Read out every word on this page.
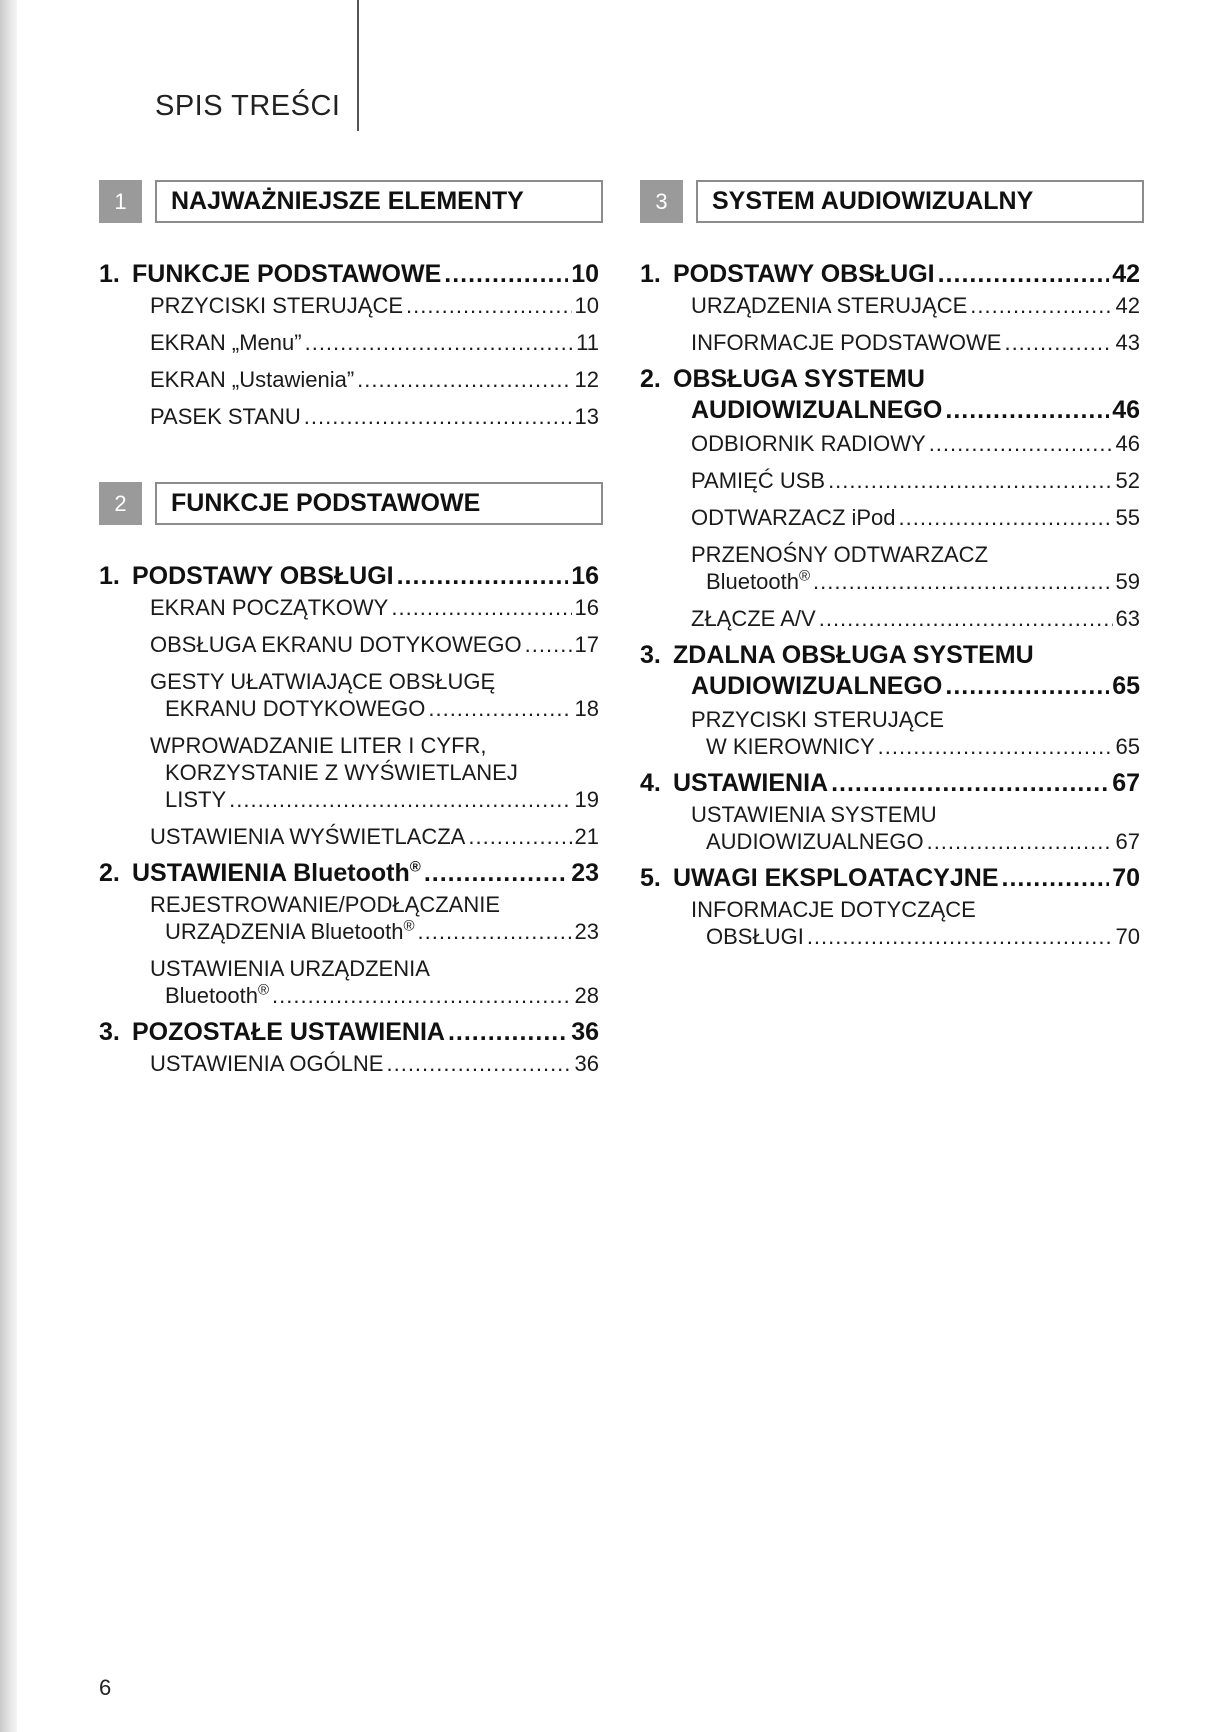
SPIS TREŚCI
1	NAJWAŻNIEJSZE ELEMENTY
1. FUNKCJE PODSTAWOWE .....	10
PRZYCISKI STERUJĄCE .....	10
EKRAN „Menu” .....	11
EKRAN „Ustawienia” .....	12
PASEK STANU .....	13
2	FUNKCJE PODSTAWOWE
1. PODSTAWY OBSŁUGI .....	16
EKRAN POCZĄTKOWY .....	16
OBSŁUGA EKRANU DOTYKOWEGO ..... 17
GESTY UŁATWIAJĄCE OBSŁUGĘ
EKRANU DOTYKOWEGO .....	18
WPROWADZANIE LITER I CYFR,
KORZYSTANIE Z WYŚWIETLANEJ
LISTY .....	19
USTAWIENIA WYŚWIETLACZA .....	21
2. USTAWIENIA Bluetooth® .....	23
REJESTROWANIE/PODŁĄCZANIE
URZĄDZENIA Bluetooth® .....	23
USTAWIENIA URZĄDZENIA
Bluetooth® .....	28
3. POZOSTAŁE USTAWIENIA .....	36
USTAWIENIA OGÓLNE .....	36
3	SYSTEM AUDIOWIZUALNY
1. PODSTAWY OBSŁUGI .....	42
URZĄDZENIA STERUJĄCE .....	42
INFORMACJE PODSTAWOWE .....	43
2. OBSŁUGA SYSTEMU
AUDIOWIZUALNEGO .....	46
ODBIORNIK RADIOWY .....	46
PAMIĘĆ USB .....	52
ODTWARZACZ iPod .....	55
PRZENOŚNY ODTWARZACZ
Bluetooth® .....	59
ZŁĄCZE A/V .....	63
3. ZDALNA OBSŁUGA SYSTEMU
AUDIOWIZUALNEGO .....	65
PRZYCISKI STERUJĄCE
W KIEROWNICY .....	65
4. USTAWIENIA .....	67
USTAWIENIA SYSTEMU
AUDIOWIZUALNEGO .....	67
5. UWAGI EKSPLOATACYJNE .....	70
INFORMACJE DOTYCZĄCE
OBSŁUGI .....	70
6
